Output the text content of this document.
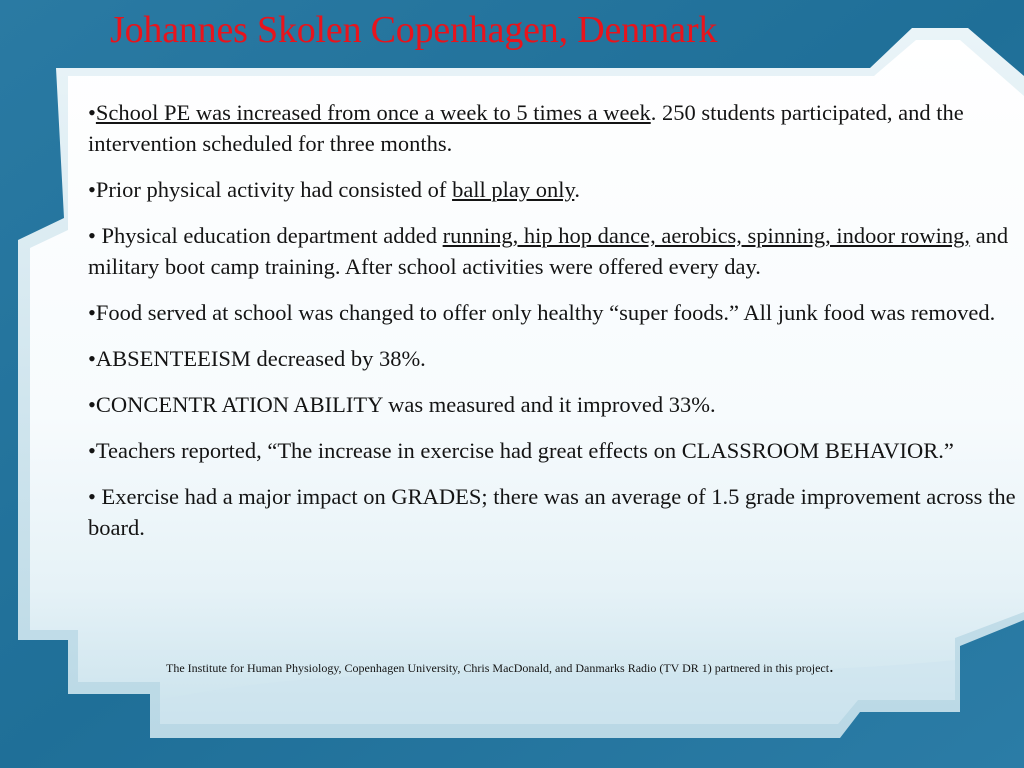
Johannes Skolen Copenhagen, Denmark

•School PE was increased from once a week to 5 times a week. 250 students participated, and the intervention scheduled for three months.

•Prior physical activity had consisted of ball play only.

• Physical education department added running, hip hop dance, aerobics, spinning, indoor rowing, and military boot camp training. After school activities were offered every day.

•Food served at school was changed to offer only healthy “super foods.” All junk food was removed.

•ABSENTEEISM decreased by 38%.

•CONCENTR ATION ABILITY was measured and it improved 33%.

•Teachers reported, “The increase in exercise had great effects on CLASSROOM BEHAVIOR.”

• Exercise had a major impact on GRADES; there was an average of 1.5 grade improvement across the board.

The Institute for Human Physiology, Copenhagen University, Chris MacDonald, and Danmarks Radio (TV DR 1) partnered in this project.
